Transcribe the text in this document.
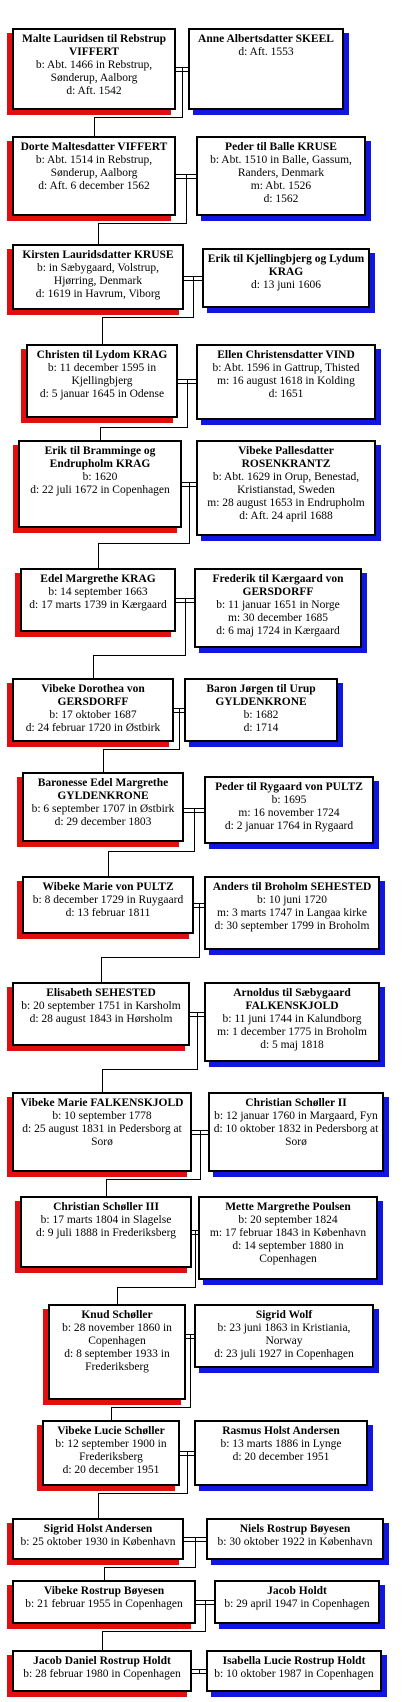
Malte Lauridsen til Rebstrup VIFFERT
b: Abt. 1466 in Rebstrup, Sønderup, Aalborg
d: Aft. 1542
Anne Albertsdatter SKEEL
d: Aft. 1553
Dorte Maltesdatter VIFFERT
b: Abt. 1514 in Rebstrup, Sønderup, Aalborg
d: Aft. 6 december 1562
Peder til Balle KRUSE
b: Abt. 1510 in Balle, Gassum, Randers, Denmark
m: Abt. 1526
d: 1562
Kirsten Lauridsdatter KRUSE
b: in Sæbygaard, Volstrup, Hjørring, Denmark
d: 1619 in Havrum, Viborg
Erik til Kjellingbjerg og Lydum KRAG
d: 13 juni 1606
Christen til Lydom KRAG
b: 11 december 1595 in Kjellingbjerg
d: 5 januar 1645 in Odense
Ellen Christensdatter VIND
b: Abt. 1596 in Gattrup, Thisted
m: 16 august 1618 in Kolding
d: 1651
Erik til Bramminge og Endrupholm KRAG
b: 1620
d: 22 juli 1672 in Copenhagen
Vibeke Pallesdatter ROSENKRANTZ
b: Abt. 1629 in Orup, Benestad, Kristianstad, Sweden
m: 28 august 1653 in Endrupholm
d: Aft. 24 april 1688
Edel Margrethe KRAG
b: 14 september 1663
d: 17 marts 1739 in Kærgaard
Frederik til Kærgaard von GERSDORFF
b: 11 januar 1651 in Norge
m: 30 december 1685
d: 6 maj 1724 in Kærgaard
Vibeke Dorothea von GERSDORFF
b: 17 oktober 1687
d: 24 februar 1720 in Østbirk
Baron Jørgen til Urup GYLDENKRONE
b: 1682
d: 1714
Baronesse Edel Margrethe GYLDENKRONE
b: 6 september 1707 in Østbirk
d: 29 december 1803
Peder til Rygaard von PULTZ
b: 1695
m: 16 november 1724
d: 2 januar 1764 in Rygaard
Wibeke Marie von PULTZ
b: 8 december 1729 in Ruygaard
d: 13 februar 1811
Anders til Broholm SEHESTED
b: 10 juni 1720
m: 3 marts 1747 in Langaa kirke
d: 30 september 1799 in Broholm
Elisabeth SEHESTED
b: 20 september 1751 in Karsholm
d: 28 august 1843 in Hørsholm
Arnoldus til Sæbygaard FALKENSKJOLD
b: 11 juni 1744 in Kalundborg
m: 1 december 1775 in Broholm
d: 5 maj 1818
Vibeke Marie FALKENSKJOLD
b: 10 september 1778
d: 25 august 1831 in Pedersborg at Sorø
Christian Schøller II
b: 12 januar 1760 in Margaard, Fyn
d: 10 oktober 1832 in Pedersborg at Sorø
Christian Schøller III
b: 17 marts 1804 in Slagelse
d: 9 juli 1888 in Frederiksberg
Mette Margrethe Poulsen
b: 20 september 1824
m: 17 februar 1843 in København
d: 14 september 1880 in Copenhagen
Knud Schøller
b: 28 november 1860 in Copenhagen
d: 8 september 1933 in Frederiksberg
Sigrid Wolf
b: 23 juni 1863 in Kristiania, Norway
d: 23 juli 1927 in Copenhagen
Vibeke Lucie Schøller
b: 12 september 1900 in Frederiksberg
d: 20 december 1951
Rasmus Holst Andersen
b: 13 marts 1886 in Lynge
d: 20 december 1951
Sigrid Holst Andersen
b: 25 oktober 1930 in København
Niels Rostrup Bøyesen
b: 30 oktober 1922 in København
Vibeke Rostrup Bøyesen
b: 21 februar 1955 in Copenhagen
Jacob Holdt
b: 29 april 1947 in Copenhagen
Jacob Daniel Rostrup Holdt
b: 28 februar 1980 in Copenhagen
Isabella Lucie Rostrup Holdt
b: 10 oktober 1987 in Copenhagen
